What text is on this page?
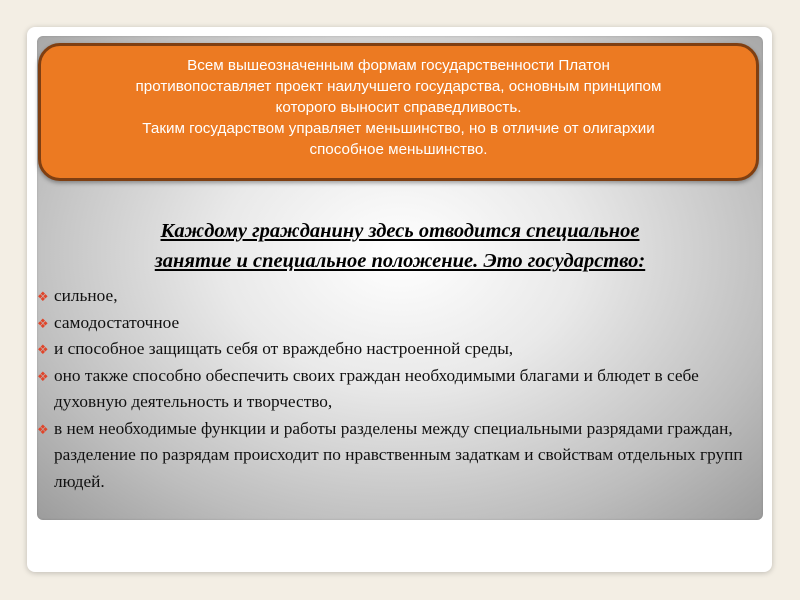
Всем вышеозначенным формам государственности Платон

противопоставляет проект наилучшего государства, основным принципом

которого выносит справедливость.

Таким государством управляет меньшинство, но в отличие от олигархии

способное меньшинство.

Каждому гражданину здесь отводится специальное
занятие и специальное положение. Это государство:
❖ сильное,
❖ самодостаточное
❖ и способное защищать себя от враждебно настроенной среды,
❖ оно также способно обеспечить своих граждан необходимыми благами и блюдет в себе духовную деятельность и творчество,
❖ в нем необходимые функции и работы разделены между специальными разрядами граждан, разделение по разрядам происходит по нравственным задаткам и свойствам отдельных групп людей.
